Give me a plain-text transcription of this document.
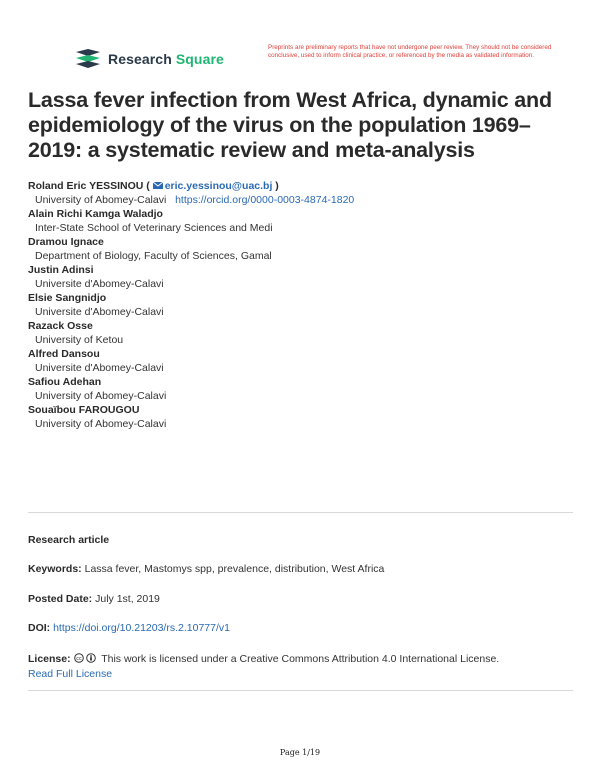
Research Square
Preprints are preliminary reports that have not undergone peer review. They should not be considered conclusive, used to inform clinical practice, or referenced by the media as validated information.
Lassa fever infection from West Africa, dynamic and epidemiology of the virus on the population 1969–2019: a systematic review and meta-analysis
Roland Eric YESSINOU ( eric.yessinou@uac.bj )
University of Abomey-Calavi https://orcid.org/0000-0003-4874-1820
Alain Richi Kamga Waladjo
Inter-State School of Veterinary Sciences and Medi
Dramou Ignace
Department of Biology, Faculty of Sciences, Gamal
Justin Adinsi
Universite d'Abomey-Calavi
Elsie Sangnidjo
Universite d'Abomey-Calavi
Razack Osse
University of Ketou
Alfred Dansou
Universite d'Abomey-Calavi
Safiou Adehan
University of Abomey-Calavi
Souaïbou FAROUGOU
University of Abomey-Calavi
Research article
Keywords: Lassa fever, Mastomys spp, prevalence, distribution, West Africa
Posted Date: July 1st, 2019
DOI: https://doi.org/10.21203/rs.2.10777/v1
License: cc This work is licensed under a Creative Commons Attribution 4.0 International License.
Read Full License
Page 1/19
